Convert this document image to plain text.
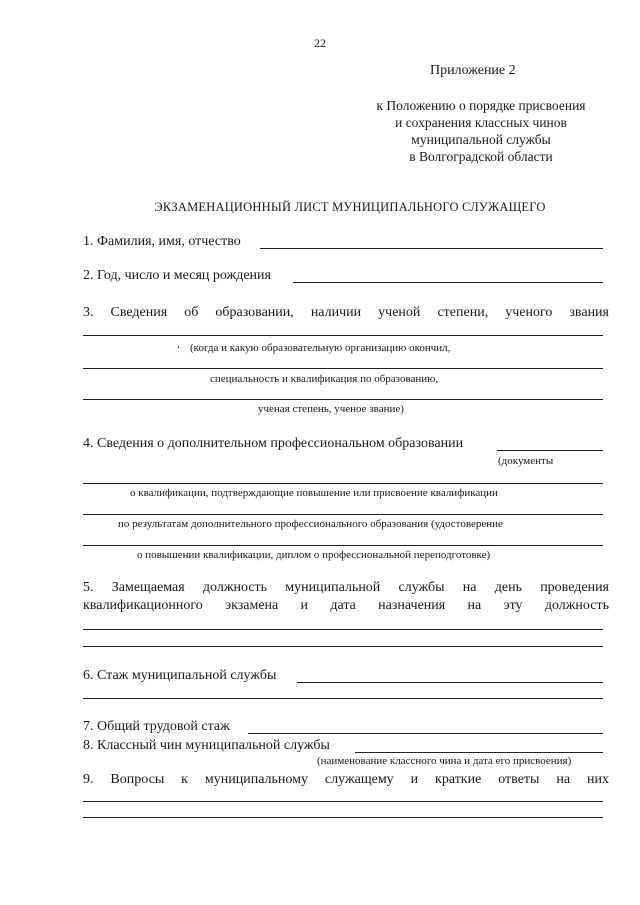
22
Приложение 2
к Положению о порядке присвоения
и сохранения классных чинов
муниципальной службы
в Волгоградской области
ЭКЗАМЕНАЦИОННЫЙ ЛИСТ МУНИЦИПАЛЬНОГО СЛУЖАЩЕГО
1. Фамилия, имя, отчество
2. Год, число и месяц рождения
3. Сведения об образовании, наличии ученой степени, ученого звания
, (когда и какую образовательную организацию окончил,
специальность и квалификация по образованию,
ученая степень, ученое звание)
4. Сведения о дополнительном профессиональном образовании
(документы
о квалификации, подтверждающие повышение или присвоение квалификации
по результатам дополнительного профессионального образования (удостоверение
о повышении квалификации, диплом о профессиональной переподготовке)
5. Замещаемая должность муниципальной службы на день проведения
квалификационного экзамена и дата назначения на эту должность
6. Стаж муниципальной службы
7. Общий трудовой стаж
8. Классный чин муниципальной службы
(наименование классного чина и дата его присвоения)
9. Вопросы к муниципальному служащему и краткие ответы на них
